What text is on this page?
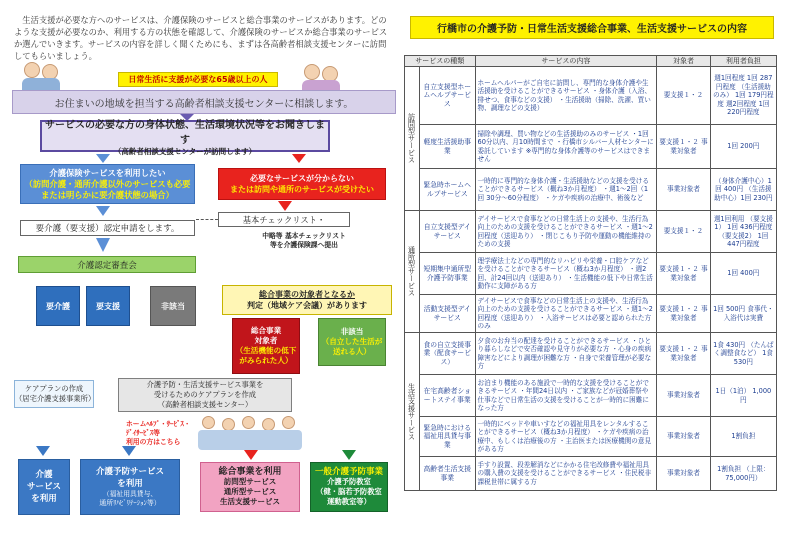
　生活支援が必要な方へのサービスは、介護保険のサービスと総合事業のサービスがあります。どのような支援が必要なのか、利用する方の状態を確認して、介護保険のサービスか総合事業のサービスか選んでいきます。サービスの内容を詳しく聞くためにも、まずは各高齢者相談支援センターに訪問してもらいましょう。
日常生活に支援が必要な65歳以上の人
お住まいの地域を担当する高齢者相談支援センターに相談します。
サービスの必要な方の身体状態、生活環境状況等をお聞きします
（高齢者相談支援センターが訪問します）
介護保険サービスを利用したい
（訪問介護・通所介護以外のサービスも必要
または明らかに要介護状態の場合）
必要なサービスが分からない
または訪問や通所のサービスが受けたい
要介護（要支援）認定申請をします。
基本チェックリスト・
中略等 基本チェックリスト等を介護保険課へ提出
介護認定審査会
要介護	要支援	非該当
総合事業の対象者となるか
判定（地域ケア会議）があります
総合事業
対象者
（生活機能の低下がみられた人）
非該当
（自立した生活が送れる人）
ケアプランの作成
（居宅介護支援事業所）
介護予防・生活支援サービス事業を
受けるためのケアプランを作成
（高齢者相談支援センター）
ホームﾍﾙﾌﾟ・ｻｰﾋﾞｽ・
ﾃﾞｲｻｰﾋﾞｽ等
利用の方はこちら
介護
サービス
を利用
介護予防サービス
を利用
（福祉用具貸与、
通所ﾘﾊﾋﾞﾘﾃｰｼｮﾝ等）
総合事業を利用
訪問型サービス
通所型サービス
生活支援サービス
一般介護予防事業
介護予防教室
（健・脳若予防教室
運動教室等）
行橋市の介護予防・日常生活支援総合事業、生活支援サービスの内容
サービスの種類		サービスの内容	対象者	利用者負担
訪問型サービス	自立支援型ホームヘルプサービス	ホームヘルパーがご自宅に訪問し、専門的な身体介護や生活援助を受けることができるサービス ・身体介護（入浴、排せつ、食事などの支援） ・生活援助（掃除、洗濯、買い物、調理などの支援）	要支援１・２	週1回程度 1回 287円程度 （生活援助のみ） 1回 179円程度 週2回程度 1回 220円程度
	軽度生活援助事業	掃除や調理、買い物などの生活援助のみのサービス ・1回60分以内、月10時間まで ・行橋市シルバー人材センターに委託しています ※専門的な身体介護等のサービスはできません	要支援１・２ 事業対象者	1回 200円
	緊急時ホームヘルプサービス	一時的に専門的な身体介護・生活援助などの支援を受けることができるサービス（概ね3か月程度） ・週1～2回（1回 30分～60分程度） ・ケガや疾病の治療中、術後など	事業対象者	（身体介護中心）1回 400円 （生活援助中心）1回 230円
通所型サービス	自立支援型デイサービス	デイサービスで食事などの日常生活上の支援や、生活行為向上のための支援を受けることができるサービス ・週1～2回程度（送迎あり） ・閉じこもり予防や運動の機能維持のための支援	要支援１・２	週1回利用 （要支援1） 1回 436円程度 （要支援2） 1回 447円程度
	短期集中通所型介護予防事業	理学療法士などの専門的なリハビリや栄養・口腔ケアなどを受けることができるサービス（概ね3か月程度） ・週2回、計24回以内（送迎あり） ・生活機能の低下や日常生活動作に支障がある方	要支援１・２ 事業対象者	1回 400円
	活動支援型デイサービス	デイサービスで食事などの日常生活上の支援や、生活行為向上のための支援を受けることができるサービス ・週1～2回程度（送迎あり） ・入浴サービスは必要と認められた方のみ	要支援１・２ 事業対象者	1回 500円 食事代・入浴代は実費
生活支援サービス	食の自立支援事業（配食サービス）	夕食のお弁当の配達を受けることができるサービス ・ひとり暮らしなどで安否確認や見守りが必要な方 ・心身の疾病障害などにより調理が困難な方 ・自身で栄養管理が必要な方	要支援１・２ 事業対象者	1食 430円 （たんぱく調整食など） 1食 530円
	在宅高齢者ショートステイ事業	お泊まり機能のある施設で一時的な支援を受けることができるサービス ・年間24日以内 ・ご家族などが冠婚葬祭や仕事などで日常生活の支援を受けることが一時的に困難になった方	事業対象者	1日（1泊） 1,000円
	緊急時における福祉用具貸与事業	一時的にベッドや車いすなどの福祉用具をレンタルすることができるサービス（概ね3か月程度） ・ケガや疾病の治療中、もしくは治療後の方 ・主治医または医療機関の意見がある方	事業対象者	1割負担
	高齢者生活支援事業	手すり設置、段差解消などにかかる住宅改修費や福祉用具の購入費の支援を受けることができるサービス ・住民税非課税世帯に属する方	事業対象者	1割負担 （上限：75,000円）
